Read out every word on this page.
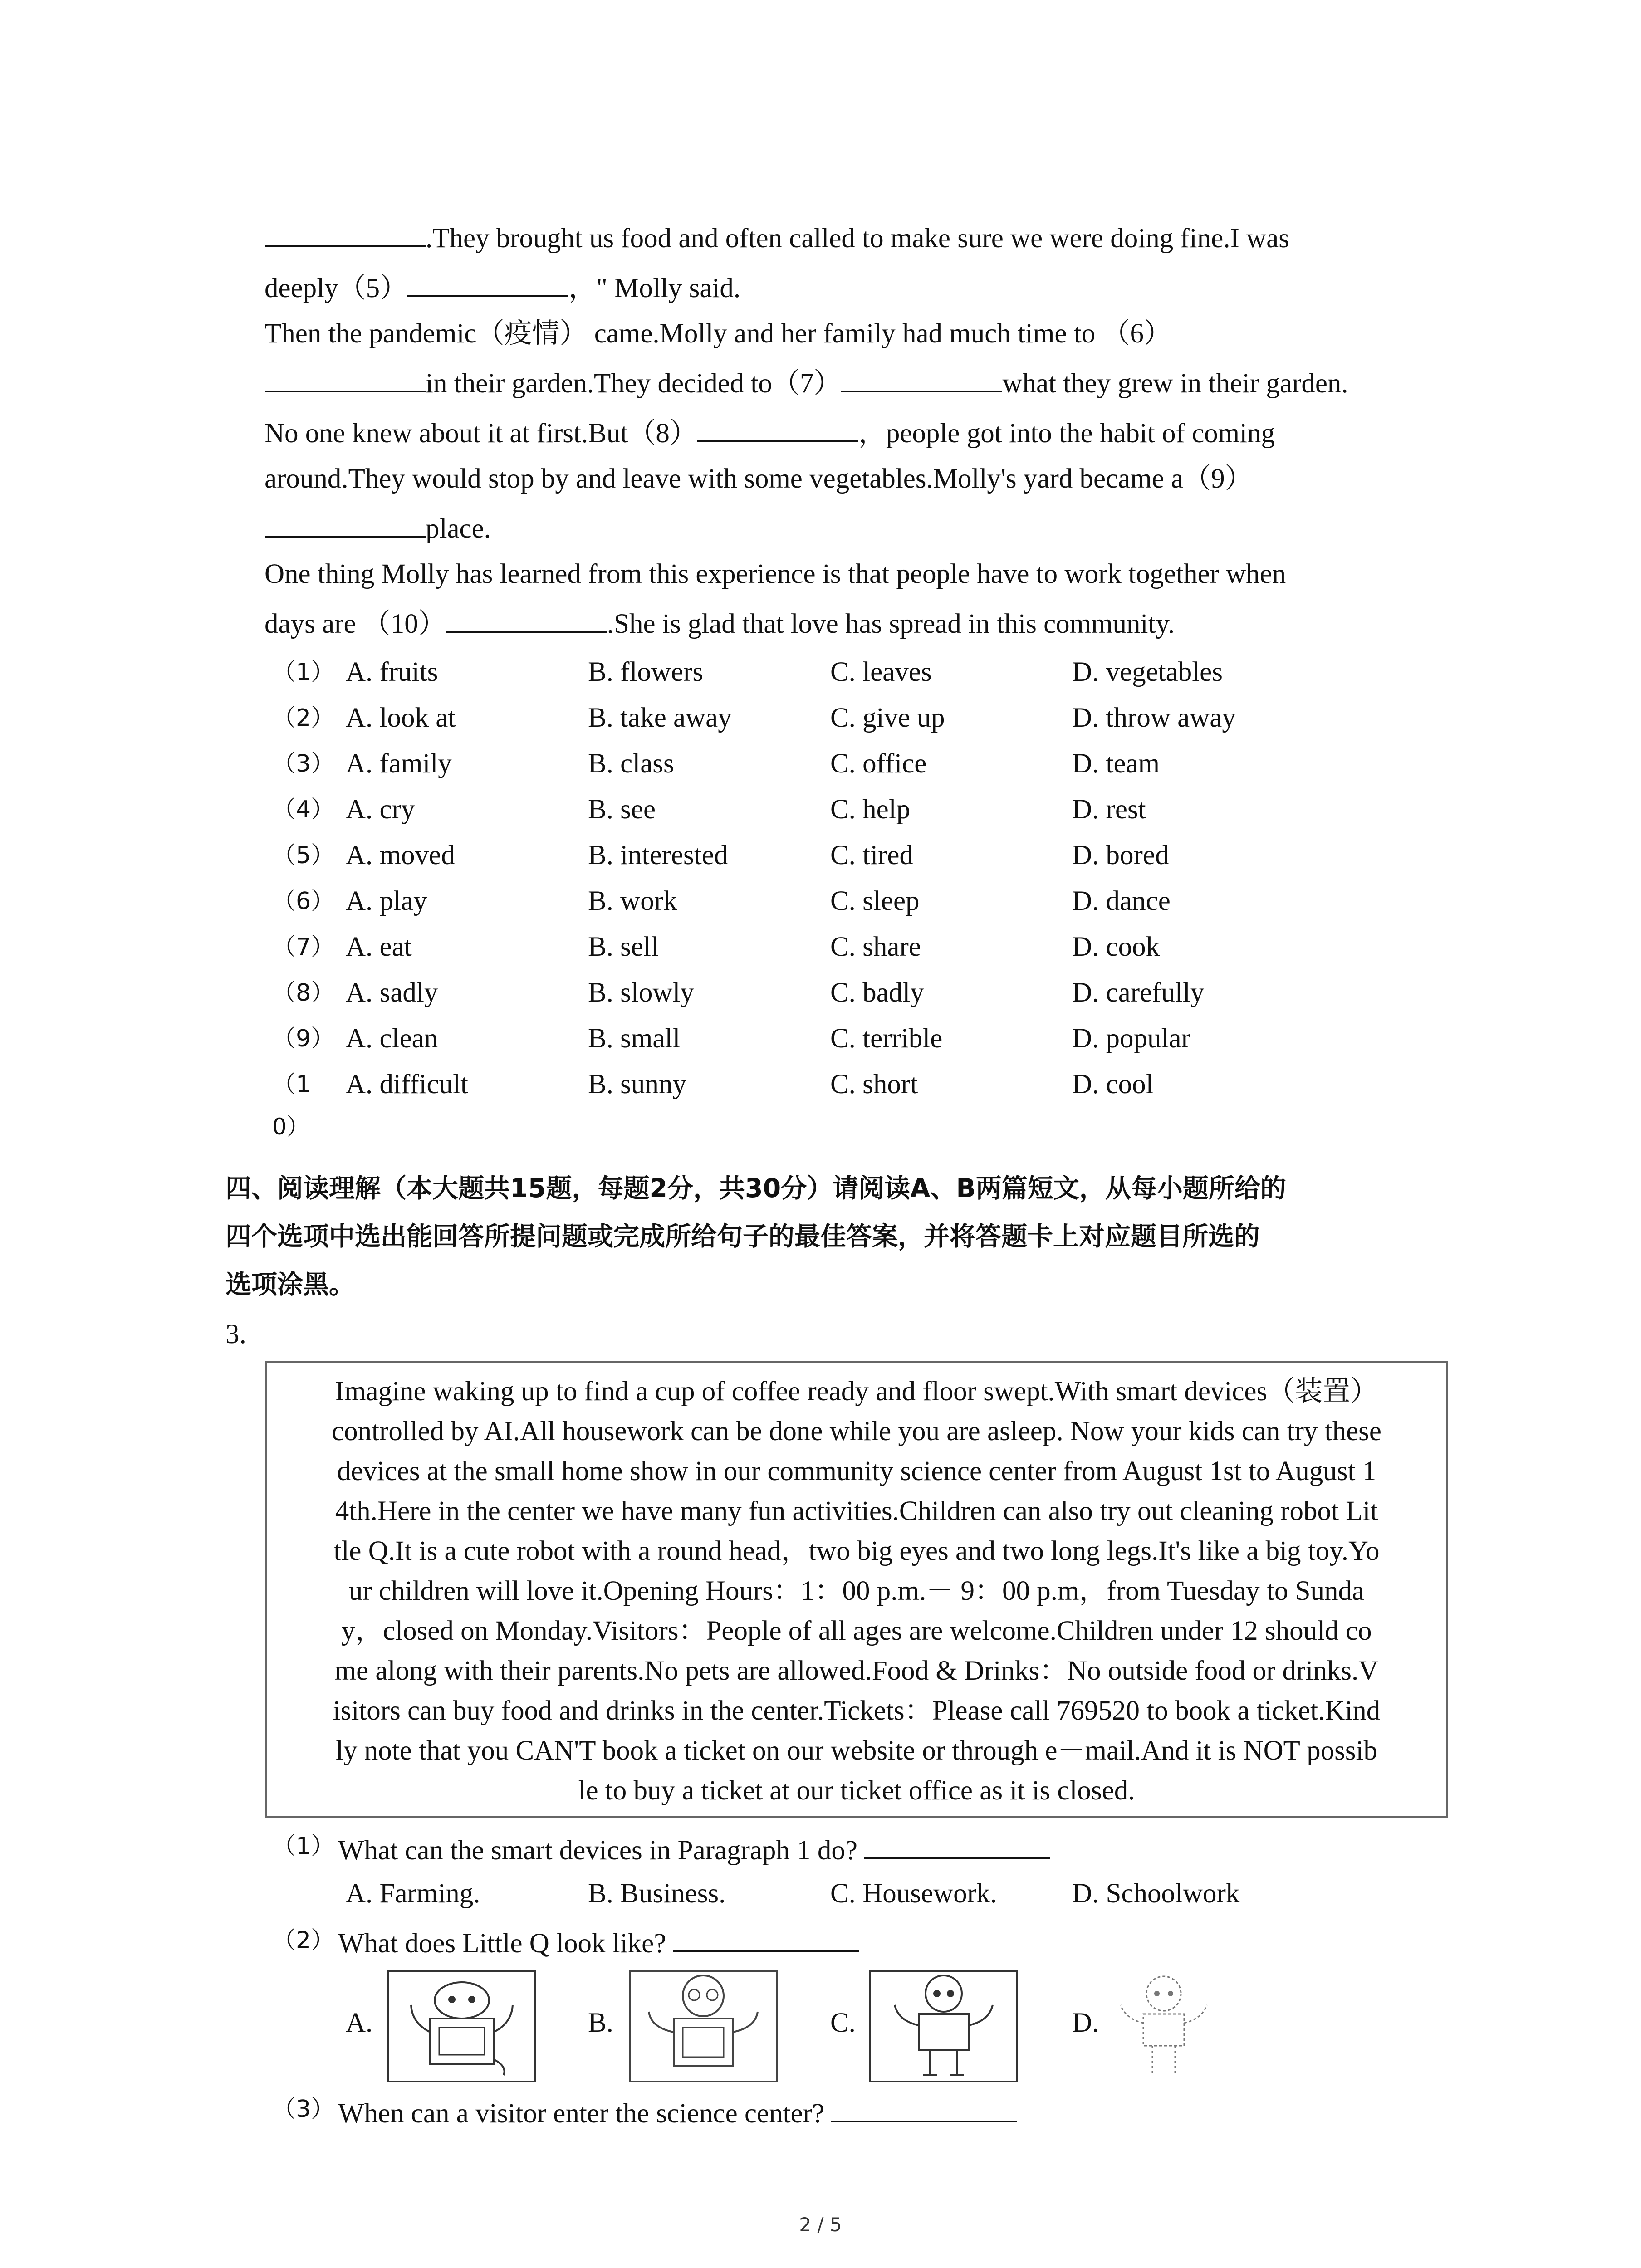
.They brought us food and often called to make sure we were doing fine.I was
deeply（5）	，" Molly said.
Then the pandemic（疫情） came.Molly and her family had much time to （6）
in their garden.They decided to（7）	what they grew in their garden.
No one knew about it at first.But（8）	，people got into the habit of coming
around.They would stop by and leave with some vegetables.Molly's yard became a（9）
place.
One thing Molly has learned from this experience is that people have to work together when
days are （10）	.She is glad that love has spread in this community.
（1） A. fruits	B. flowers	C. leaves	D. vegetables
（2） A. look at	B. take away	C. give up	D. throw away
（3） A. family	B. class	C. office	D. team
（4） A. cry	B. see	C. help	D. rest
（5） A. moved	B. interested	C. tired	D. bored
（6） A. play	B. work	C. sleep	D. dance
（7） A. eat	B. sell	C. share	D. cook
（8） A. sadly	B. slowly	C. badly	D. carefully
（9） A. clean	B. small	C. terrible	D. popular
（1 A. difficult	B. sunny	C. short	D. cool
0）
四、阅读理解（本大题共15题，每题2分，共30分）请阅读A、B两篇短文，从每小题所给的
四个选项中选出能回答所提问题或完成所给句子的最佳答案，并将答题卡上对应题目所选的
选项涂黑。
3.
Imagine waking up to find a cup of coffee ready and floor swept.With smart devices（装置）
controlled by AI.All housework can be done while you are asleep. Now your kids can try these
devices at the small home show in our community science center from August 1st to August 1
4th.Here in the center we have many fun activities.Children can also try out cleaning robot Lit
tle Q.It is a cute robot with a round head，two big eyes and two long legs.It's like a big toy.Yo
ur children will love it.Opening Hours：1：00 p.m.－ 9：00 p.m，from Tuesday to Sunda
y，closed on Monday.Visitors：People of all ages are welcome.Children under 12 should co
me along with their parents.No pets are allowed.Food & Drinks：No outside food or drinks.V
isitors can buy food and drinks in the center.Tickets：Please call 769520 to book a ticket.Kind
ly note that you CAN'T book a ticket on our website or through e－mail.And it is NOT possib
le to buy a ticket at our ticket office as it is closed.
（1） What can the smart devices in Paragraph 1 do?
A. Farming.	B. Business.	C. Housework.	D. Schoolwork
（2） What does Little Q look like?
A.	B.	C.	D.
（3） When can a visitor enter the science center?
2 / 5
